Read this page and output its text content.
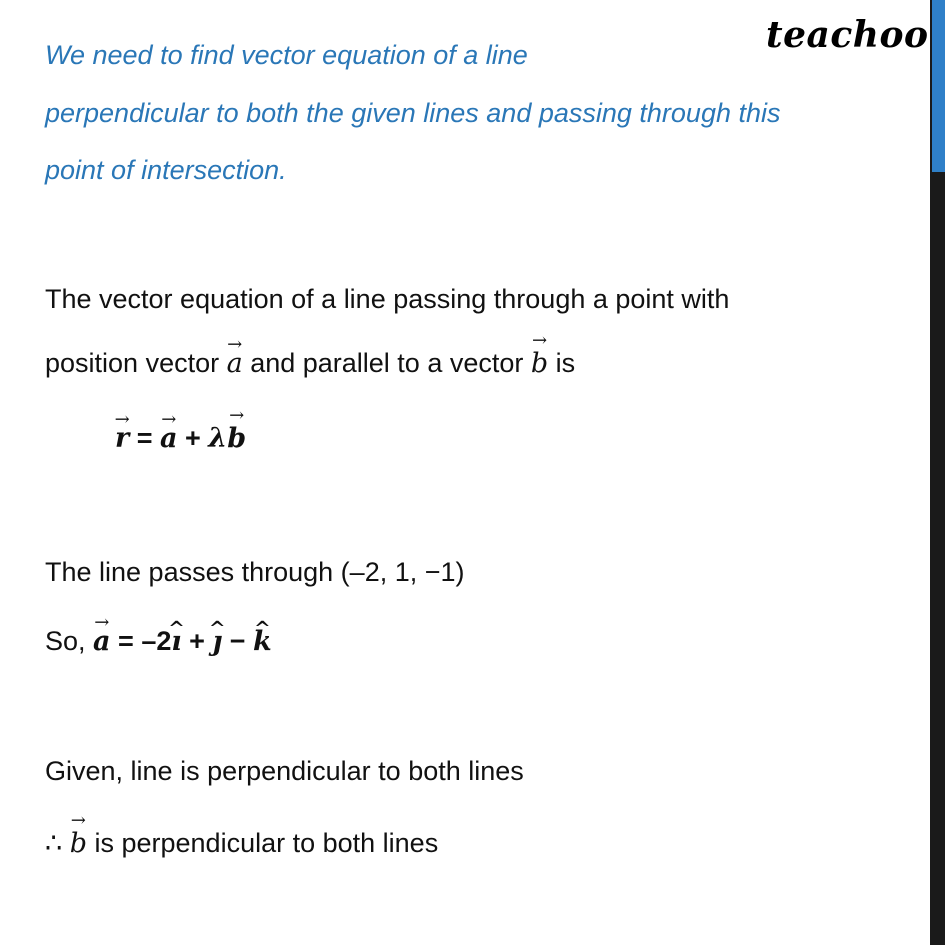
teachoo
We need to find vector equation of a line
perpendicular to both the given lines and passing through this
point of intersection.
The vector equation of a line passing through a point with
position vector → a and parallel to a vector → b is
→ r = → a + λ→ b
The line passes through (–2, 1, −1)
So, → a = –2^ ı + ^ ȷ − ^ k
Given, line is perpendicular to both lines
∴ → b is perpendicular to both lines
